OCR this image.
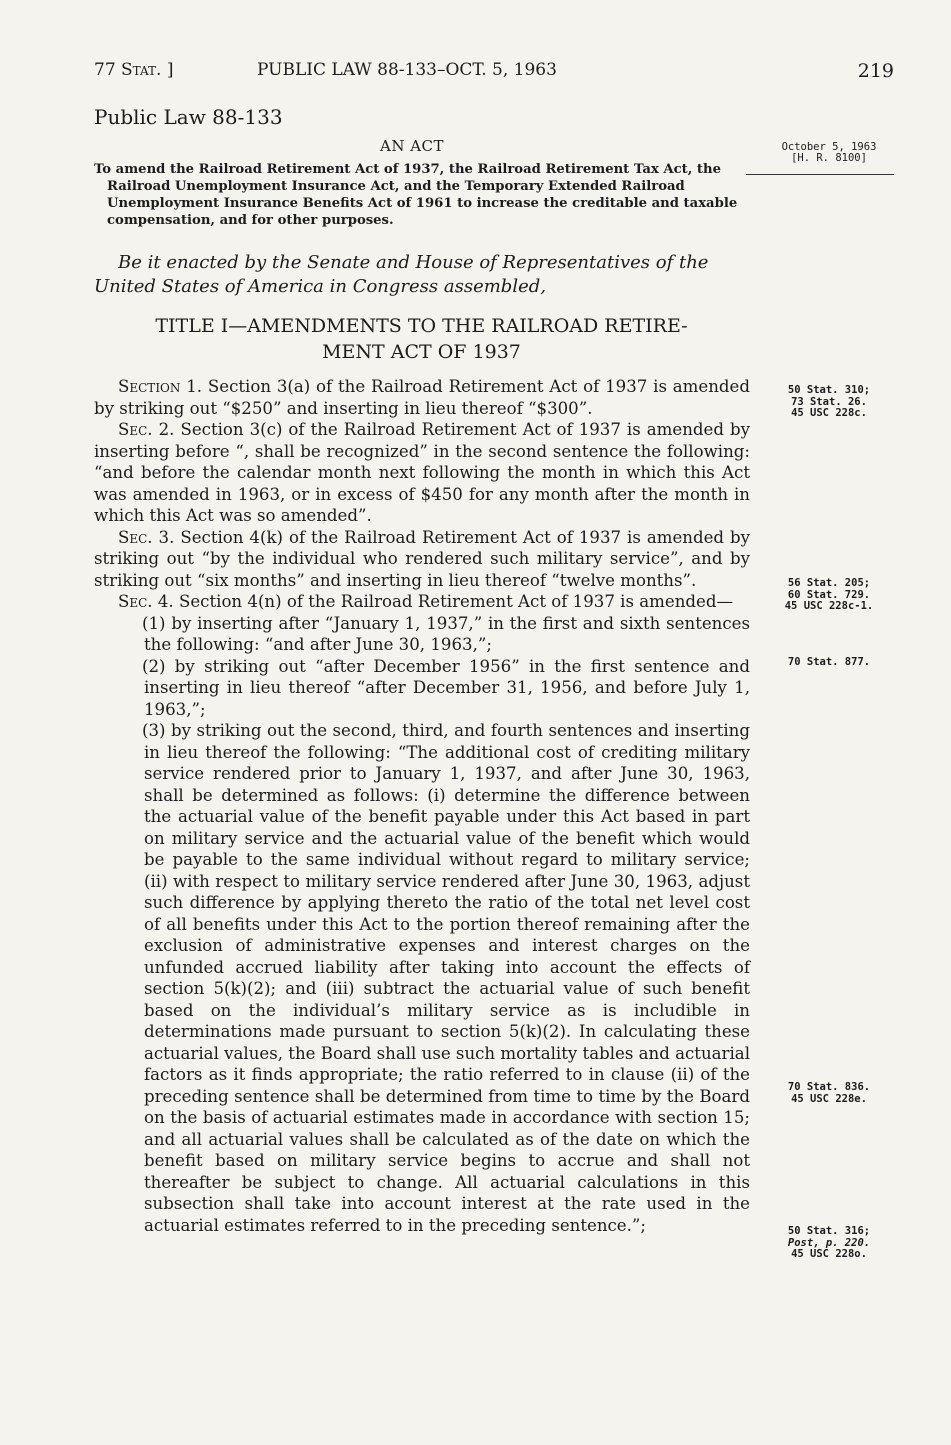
77 Stat. ]	PUBLIC LAW 88-133–OCT. 5, 1963	219
Public Law 88-133
AN ACT	October 5, 1963
[H. R. 8100]
To amend the Railroad Retirement Act of 1937, the Railroad Retirement Tax Act, the Railroad Unemployment Insurance Act, and the Temporary Extended Railroad Unemployment Insurance Benefits Act of 1961 to increase the creditable and taxable compensation, and for other purposes.
Be it enacted by the Senate and House of Representatives of the United States of America in Congress assembled,
TITLE I—AMENDMENTS TO THE RAILROAD RETIRE-
MENT ACT OF 1937

Section 1. Section 3(a) of the Railroad Retirement Act of 1937 is amended by striking out “$250” and inserting in lieu thereof “$300”.

Sec. 2. Section 3(c) of the Railroad Retirement Act of 1937 is amended by inserting before “, shall be recognized” in the second sentence the following: “and before the calendar month next following the month in which this Act was amended in 1963, or in excess of $450 for any month after the month in which this Act was so amended”.

Sec. 3. Section 4(k) of the Railroad Retirement Act of 1937 is amended by striking out “by the individual who rendered such military service”, and by striking out “six months” and inserting in lieu thereof “twelve months”.

Sec. 4. Section 4(n) of the Railroad Retirement Act of 1937 is amended—

(1) by inserting after “January 1, 1937,” in the first and sixth sentences the following: “and after June 30, 1963,”;

(2) by striking out “after December 1956” in the first sentence and inserting in lieu thereof “after December 31, 1956, and before July 1, 1963,”;

(3) by striking out the second, third, and fourth sentences and inserting in lieu thereof the following: “The additional cost of crediting military service rendered prior to January 1, 1937, and after June 30, 1963, shall be determined as follows: (i) determine the difference between the actuarial value of the benefit payable under this Act based in part on military service and the actuarial value of the benefit which would be payable to the same individual without regard to military service; (ii) with respect to military service rendered after June 30, 1963, adjust such difference by applying thereto the ratio of the total net level cost of all benefits under this Act to the portion thereof remaining after the exclusion of administrative expenses and interest charges on the unfunded accrued liability after taking into account the effects of section 5(k)(2); and (iii) subtract the actuarial value of such benefit based on the individual’s military service as is includible in determinations made pursuant to section 5(k)(2). In calculating these actuarial values, the Board shall use such mortality tables and actuarial factors as it finds appropriate; the ratio referred to in clause (ii) of the preceding sentence shall be determined from time to time by the Board on the basis of actuarial estimates made in accordance with section 15; and all actuarial values shall be calculated as of the date on which the benefit based on military service begins to accrue and shall not thereafter be subject to change. All actuarial calculations in this subsection shall take into account interest at the rate used in the actuarial estimates referred to in the preceding sentence.”;

50 Stat. 310;
73 Stat. 26.
45 USC 228c.
56 Stat. 205;
60 Stat. 729.
45 USC 228c-1.
70 Stat. 877.
70 Stat. 836.
45 USC 228e.
50 Stat. 316;
Post, p. 220.
45 USC 228o.
